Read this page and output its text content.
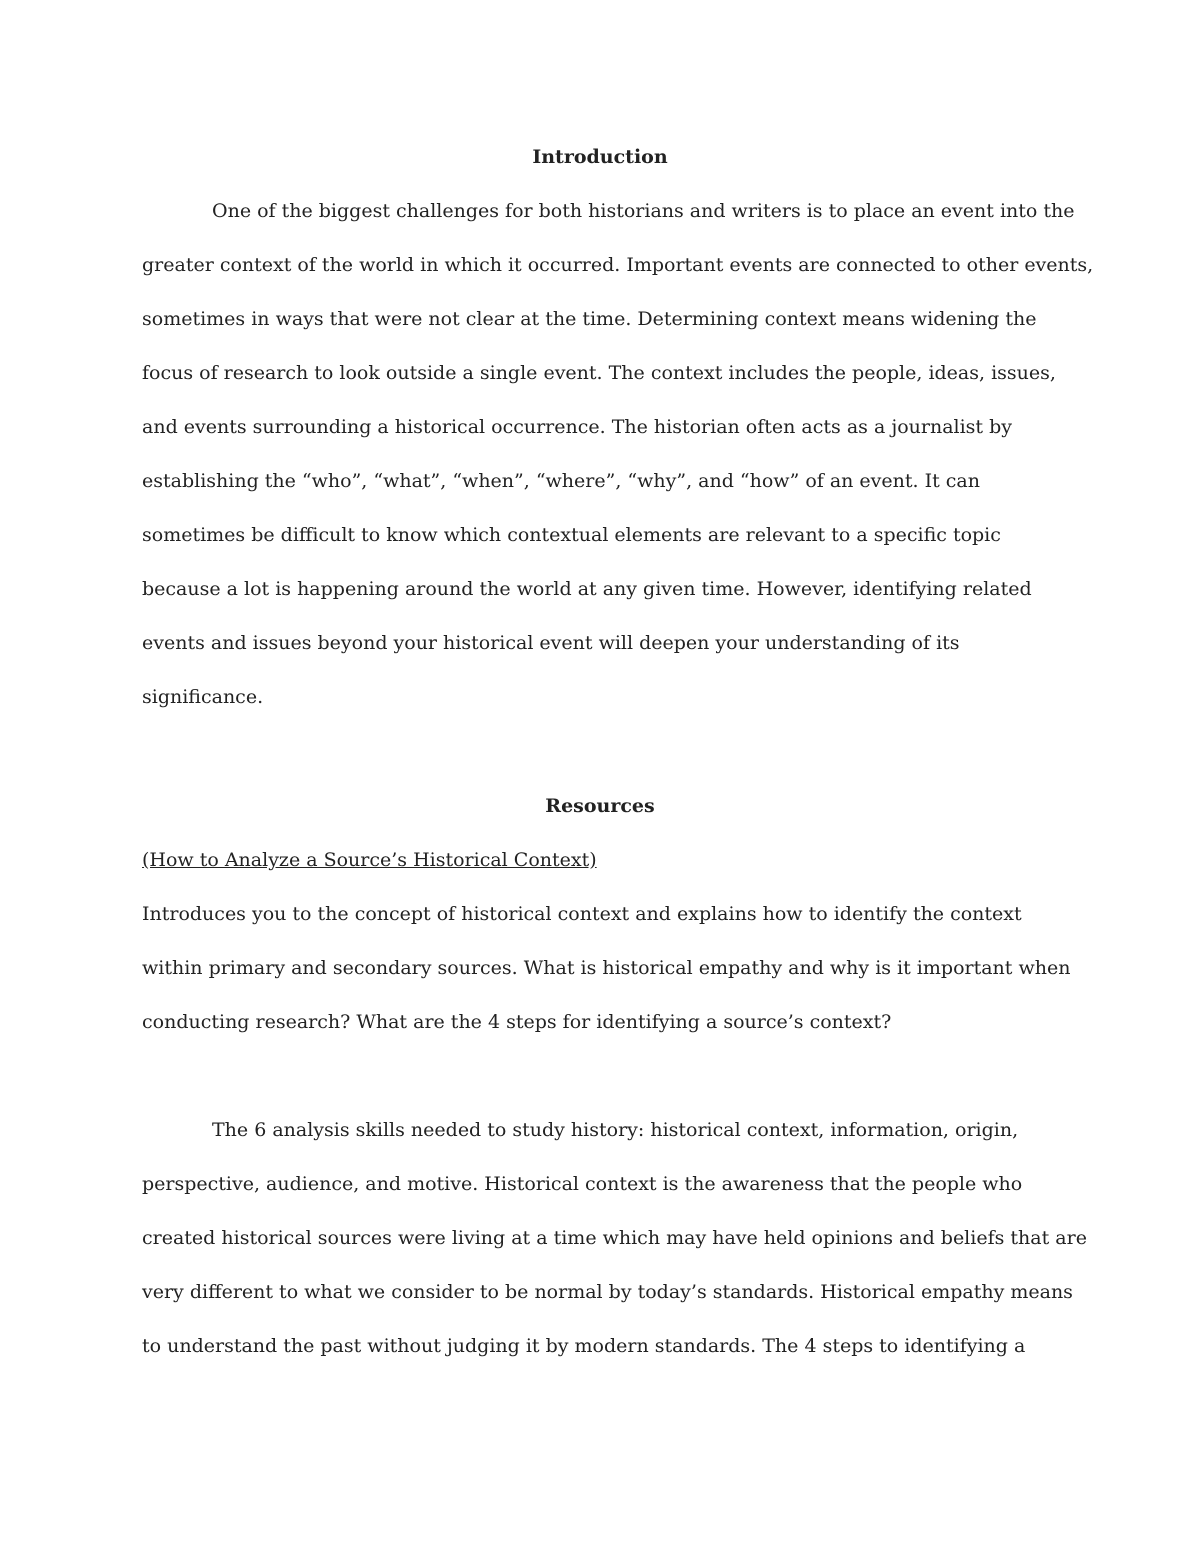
Introduction

One of the biggest challenges for both historians and writers is to place an event into the

greater context of the world in which it occurred. Important events are connected to other events,

sometimes in ways that were not clear at the time. Determining context means widening the

focus of research to look outside a single event. The context includes the people, ideas, issues,

and events surrounding a historical occurrence. The historian often acts as a journalist by

establishing the “who”, “what”, “when”, “where”, “why”, and “how” of an event. It can

sometimes be difficult to know which contextual elements are relevant to a specific topic

because a lot is happening around the world at any given time. However, identifying related

events and issues beyond your historical event will deepen your understanding of its

significance.

Resources

(How to Analyze a Source’s Historical Context)

Introduces you to the concept of historical context and explains how to identify the context

within primary and secondary sources. What is historical empathy and why is it important when

conducting research? What are the 4 steps for identifying a source’s context?

The 6 analysis skills needed to study history: historical context, information, origin,

perspective, audience, and motive. Historical context is the awareness that the people who

created historical sources were living at a time which may have held opinions and beliefs that are

very different to what we consider to be normal by today’s standards. Historical empathy means

to understand the past without judging it by modern standards. The 4 steps to identifying a
